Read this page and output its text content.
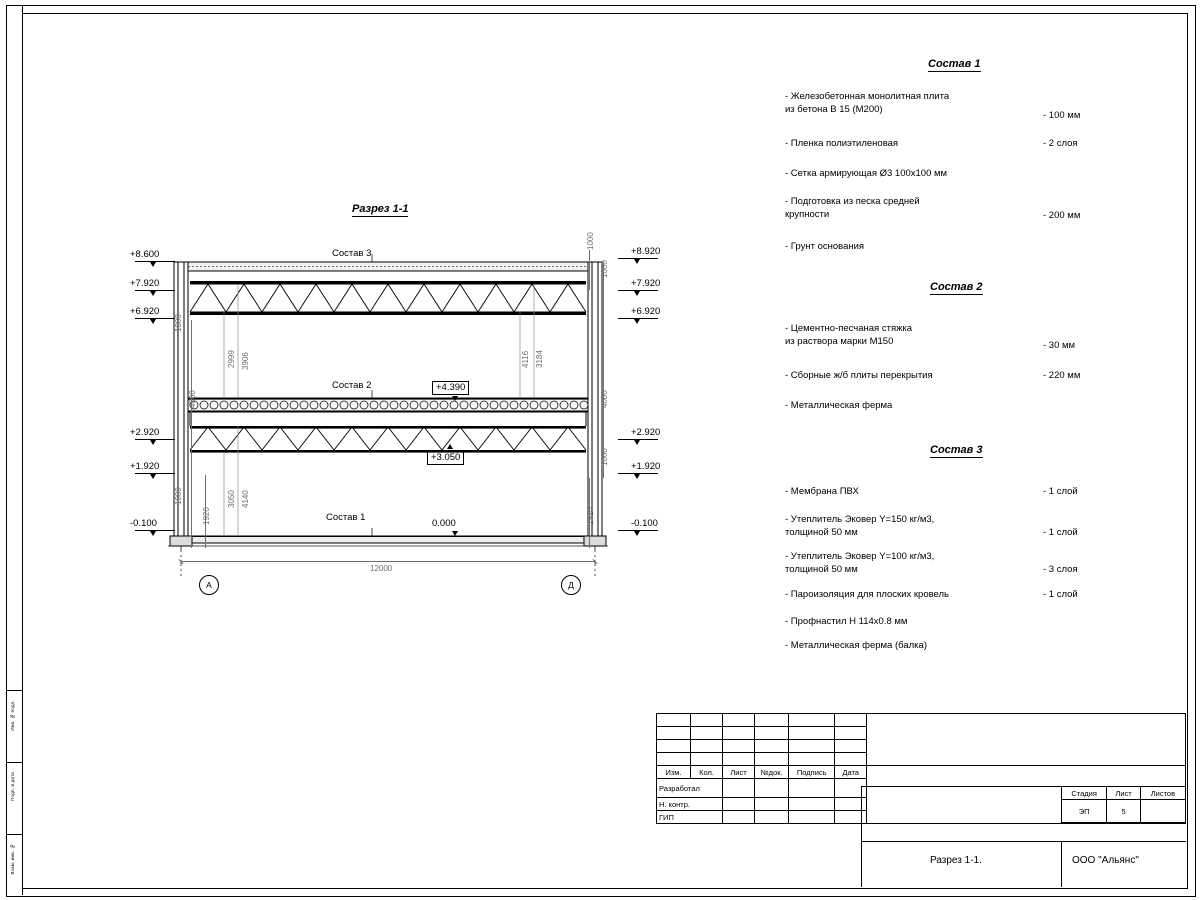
Инв. № подл.
Подп. и дата
Взам. инв. №
Разрез 1-1
Состав 3
Состав 2
Состав 1
+8.600
+7.920
+6.920
+2.920
+1.920
-0.100
+8.920
+7.920
+6.920
+2.920
+1.920
-0.100
+4.390
+3.050
0.000
1000
4000
1000
1920
2999 3906
3050 4140
4116 3184
1000
1000
4000
1000
1920
12000
А	Д
Состав 1
- Железобетонная монолитная плита
из бетона В 15 (М200)
- 100 мм
- Пленка полиэтиленовая	- 2 слоя
- Сетка армирующая Ø3 100х100 мм
- Подготовка из песка средней
крупности	- 200 мм
- Грунт основания
Состав 2
- Цементно-песчаная стяжка
из раствора марки М150	- 30 мм
- Сборные ж/б плиты перекрытия	- 220 мм
- Металлическая ферма
Состав 3
- Мембрана ПВХ	- 1 слой
- Утеплитель Эковер Y=150 кг/м3,
толщиной 50 мм	- 1 слой
- Утеплитель Эковер Y=100 кг/м3,
толщиной 50 мм	- 3 слоя
- Пароизоляция для плоских кровель	- 1 слой
- Профнастил Н 114х0.8 мм
- Металлическая ферма (балка)

Изм.	Кол.	Лист	№док.	Подпись	Дата	
Разработал						
Н. контр.						
ГИП						
Стадия	Лист	Листов
ЭП	5	
Разрез 1-1.	ООО "Альянс"
